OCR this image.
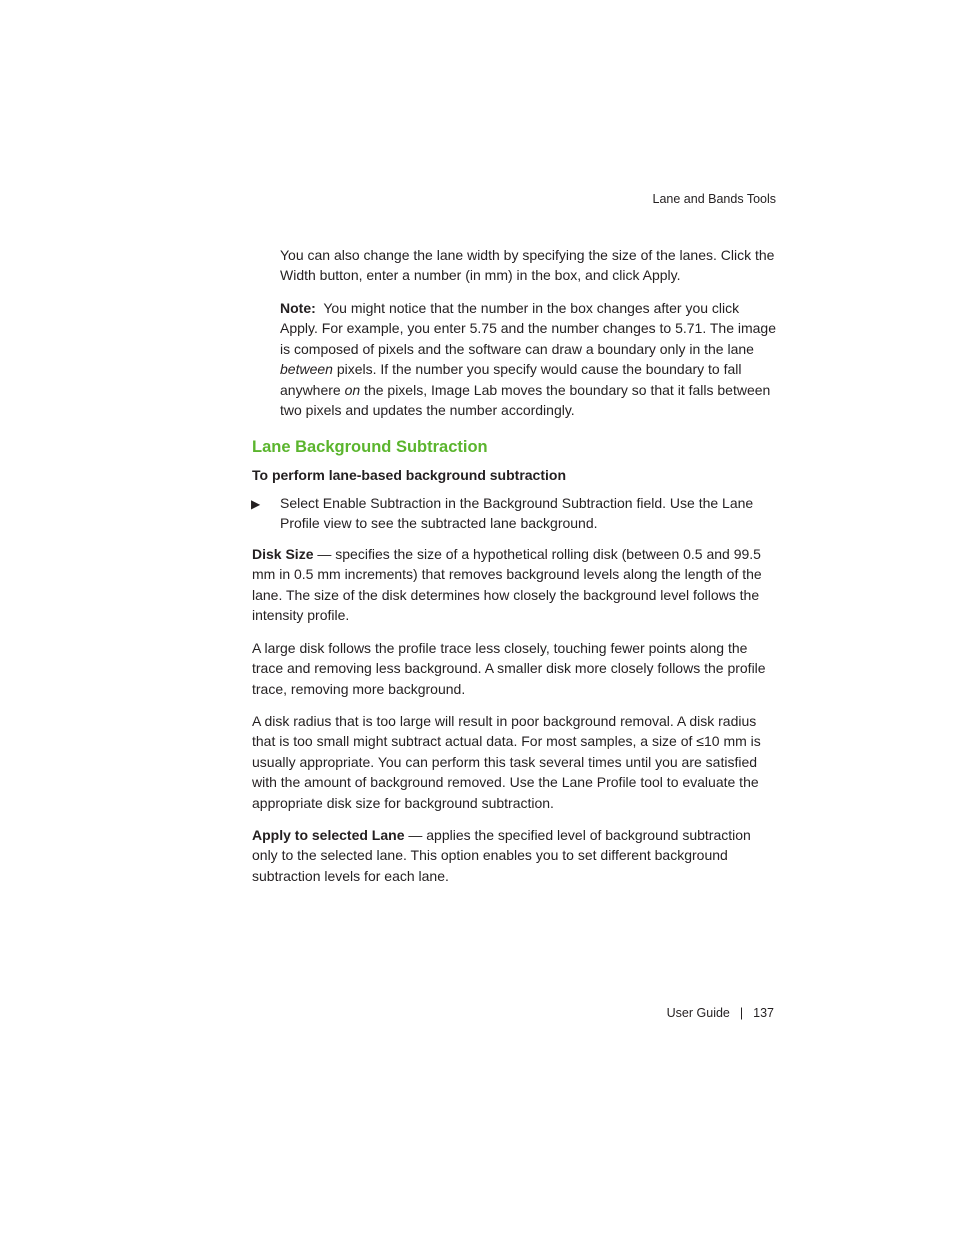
Lane and Bands Tools

You can also change the lane width by specifying the size of the lanes. Click the Width button, enter a number (in mm) in the box, and click Apply.

Note: You might notice that the number in the box changes after you click Apply. For example, you enter 5.75 and the number changes to 5.71. The image is composed of pixels and the software can draw a boundary only in the lane between pixels. If the number you specify would cause the boundary to fall anywhere on the pixels, Image Lab moves the boundary so that it falls between two pixels and updates the number accordingly.

Lane Background Subtraction
To perform lane-based background subtraction
▶ Select Enable Subtraction in the Background Subtraction field. Use the Lane Profile view to see the subtracted lane background.

Disk Size — specifies the size of a hypothetical rolling disk (between 0.5 and 99.5 mm in 0.5 mm increments) that removes background levels along the length of the lane. The size of the disk determines how closely the background level follows the intensity profile.

A large disk follows the profile trace less closely, touching fewer points along the trace and removing less background. A smaller disk more closely follows the profile trace, removing more background.

A disk radius that is too large will result in poor background removal. A disk radius that is too small might subtract actual data. For most samples, a size of ≤10 mm is usually appropriate. You can perform this task several times until you are satisfied with the amount of background removed. Use the Lane Profile tool to evaluate the appropriate disk size for background subtraction.

Apply to selected Lane — applies the specified level of background subtraction only to the selected lane. This option enables you to set different background subtraction levels for each lane.

User Guide | 137
